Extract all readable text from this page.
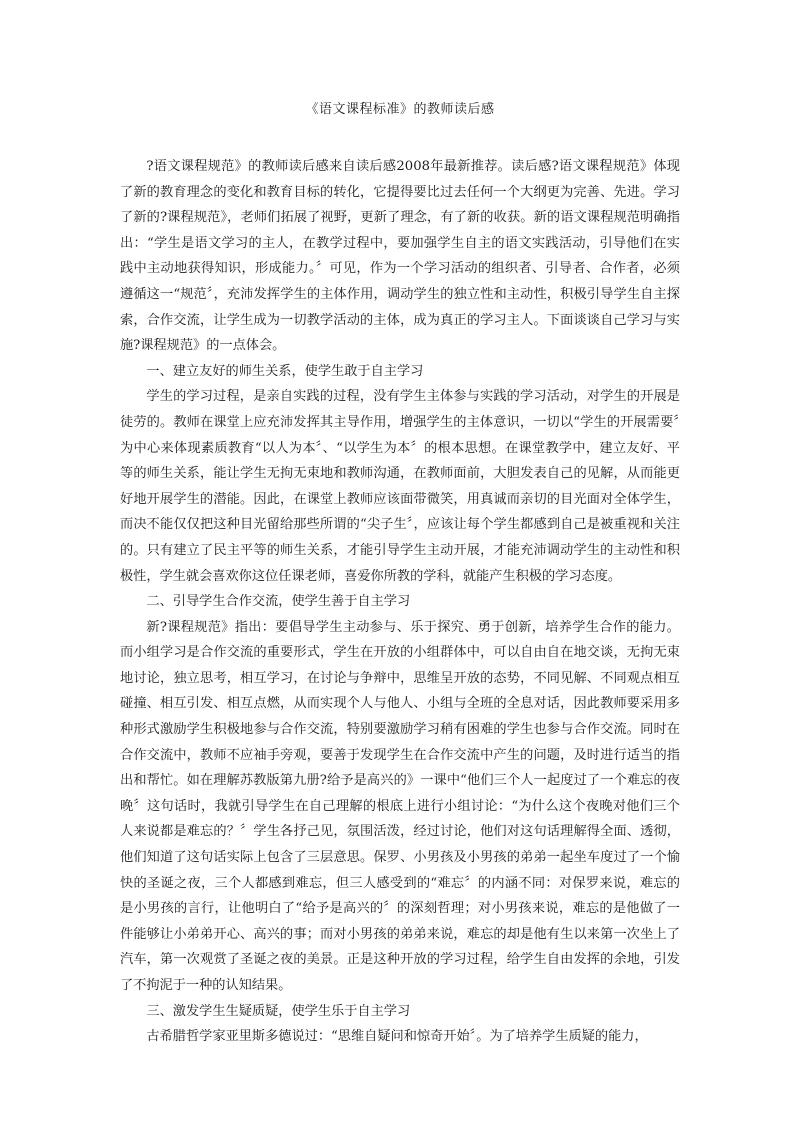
《语文课程标准》的教师读后感

?语文课程规范》的教师读后感来自读后感2008年最新推荐。读后感?语文课程规范》体现了新的教育理念的变化和教育目标的转化，它提得要比过去任何一个大纲更为完善、先进。学习了新的?课程规范》，老师们拓展了视野，更新了理念，有了新的收获。新的语文课程规范明确指出：“学生是语文学习的主人，在教学过程中，要加强学生自主的语文实践活动，引导他们在实践中主动地获得知识，形成能力。〞可见，作为一个学习活动的组织者、引导者、合作者，必须遵循这一“规范〞，充沛发挥学生的主体作用，调动学生的独立性和主动性，积极引导学生自主探索，合作交流，让学生成为一切教学活动的主体，成为真正的学习主人。下面谈谈自己学习与实施?课程规范》的一点体会。

一、建立友好的师生关系，使学生敢于自主学习

学生的学习过程，是亲自实践的过程，没有学生主体参与实践的学习活动，对学生的开展是徒劳的。教师在课堂上应充沛发挥其主导作用，增强学生的主体意识，一切以“学生的开展需要〞为中心来体现素质教育“以人为本〞、“以学生为本〞的根本思想。在课堂教学中，建立友好、平等的师生关系，能让学生无拘无束地和教师沟通，在教师面前，大胆发表自己的见解，从而能更好地开展学生的潜能。因此，在课堂上教师应该面带微笑，用真诚而亲切的目光面对全体学生，而决不能仅仅把这种目光留给那些所谓的“尖子生〞，应该让每个学生都感到自己是被重视和关注的。只有建立了民主平等的师生关系，才能引导学生主动开展，才能充沛调动学生的主动性和积极性，学生就会喜欢你这位任课老师，喜爱你所教的学科，就能产生积极的学习态度。

二、引导学生合作交流，使学生善于自主学习

新?课程规范》指出：要倡导学生主动参与、乐于探究、勇于创新，培养学生合作的能力。而小组学习是合作交流的重要形式，学生在开放的小组群体中，可以自由自在地交谈，无拘无束地讨论，独立思考，相互学习，在讨论与争辩中，思维呈开放的态势，不同见解、不同观点相互碰撞、相互引发、相互点燃，从而实现个人与他人、小组与全班的全息对话，因此教师要采用多种形式激励学生积极地参与合作交流，特别要激励学习稍有困难的学生也参与合作交流。同时在合作交流中，教师不应袖手旁观，要善于发现学生在合作交流中产生的问题，及时进行适当的指出和帮忙。如在理解苏教版第九册?给予是高兴的》一课中“他们三个人一起度过了一个难忘的夜晚〞这句话时，我就引导学生在自己理解的根底上进行小组讨论：“为什么这个夜晚对他们三个人来说都是难忘的？〞学生各抒己见，氛围活泼，经过讨论，他们对这句话理解得全面、透彻，他们知道了这句话实际上包含了三层意思。保罗、小男孩及小男孩的弟弟一起坐车度过了一个愉快的圣诞之夜，三个人都感到难忘，但三人感受到的“难忘〞的内涵不同：对保罗来说，难忘的是小男孩的言行，让他明白了“给予是高兴的〞的深刻哲理；对小男孩来说，难忘的是他做了一件能够让小弟弟开心、高兴的事；而对小男孩的弟弟来说，难忘的却是他有生以来第一次坐上了汽车，第一次观赏了圣诞之夜的美景。正是这种开放的学习过程，给学生自由发挥的余地，引发了不拘泥于一种的认知结果。

三、激发学生生疑质疑，使学生乐于自主学习

古希腊哲学家亚里斯多德说过：“思维自疑问和惊奇开始〞。为了培养学生质疑的能力，
